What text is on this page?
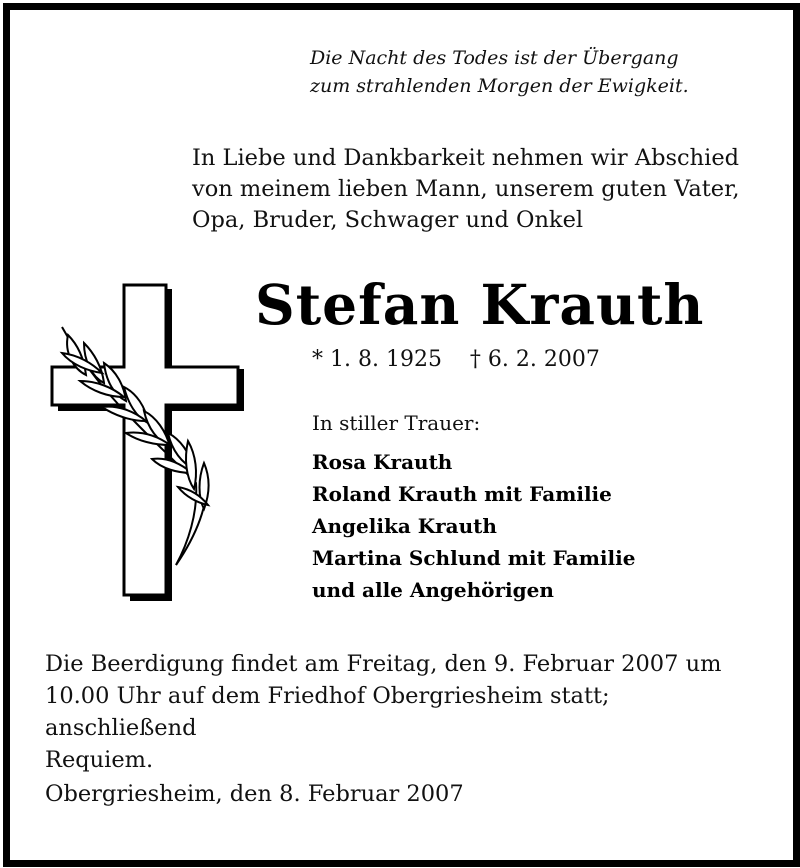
Die Nacht des Todes ist der Übergang
zum strahlenden Morgen der Ewigkeit.
In Liebe und Dankbarkeit nehmen wir Abschied
von meinem lieben Mann, unserem guten Vater,
Opa, Bruder, Schwager und Onkel
Stefan Krauth
* 1. 8. 1925    † 6. 2. 2007
In stiller Trauer:
Rosa Krauth
Roland Krauth mit Familie
Angelika Krauth
Martina Schlund mit Familie
und alle Angehörigen
Die Beerdigung findet am Freitag, den 9. Februar 2007 um
10.00 Uhr auf dem Friedhof Obergriesheim statt; anschließend
Requiem.
Obergriesheim, den 8. Februar 2007
